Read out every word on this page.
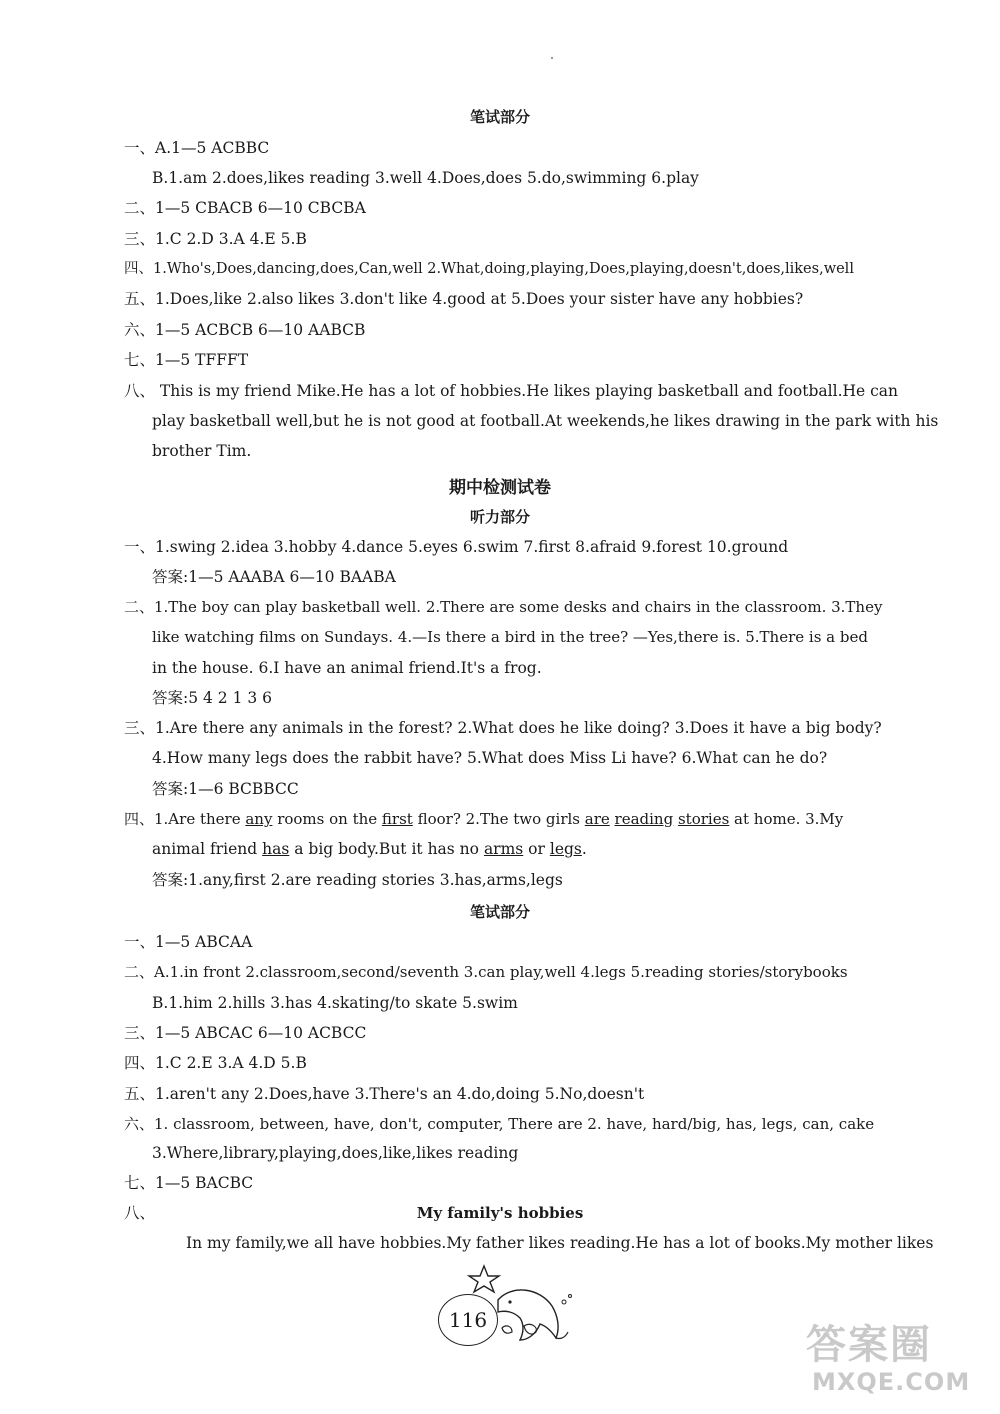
笔试部分
一、A.1—5 ACBBC
B.1.am 2.does,likes reading 3.well 4.Does,does 5.do,swimming 6.play
二、1—5 CBACB 6—10 CBCBA
三、1.C 2.D 3.A 4.E 5.B
四、1.Who's,Does,dancing,does,Can,well 2.What,doing,playing,Does,playing,doesn't,does,likes,well
五、1.Does,like 2.also likes 3.don't like 4.good at 5.Does your sister have any hobbies?
六、1—5 ACBCB 6—10 AABCB
七、1—5 TFFFT
八、 This is my friend Mike.He has a lot of hobbies.He likes playing basketball and football.He can
play basketball well,but he is not good at football.At weekends,he likes drawing in the park with his
brother Tim.
期中检测试卷
听力部分
一、1.swing 2.idea 3.hobby 4.dance 5.eyes 6.swim 7.first 8.afraid 9.forest 10.ground
答案:1—5 AAABA 6—10 BAABA
二、1.The boy can play basketball well. 2.There are some desks and chairs in the classroom. 3.They
like watching films on Sundays. 4.—Is there a bird in the tree? —Yes,there is. 5.There is a bed
in the house. 6.I have an animal friend.It's a frog.
答案:5 4 2 1 3 6
三、1.Are there any animals in the forest? 2.What does he like doing? 3.Does it have a big body?
4.How many legs does the rabbit have? 5.What does Miss Li have? 6.What can he do?
答案:1—6 BCBBCC
四、1.Are there any rooms on the first floor? 2.The two girls are reading stories at home. 3.My
animal friend has a big body.But it has no arms or legs.
答案:1.any,first 2.are reading stories 3.has,arms,legs
笔试部分
一、1—5 ABCAA
二、A.1.in front 2.classroom,second/seventh 3.can play,well 4.legs 5.reading stories/storybooks
B.1.him 2.hills 3.has 4.skating/to skate 5.swim
三、1—5 ABCAC 6—10 ACBCC
四、1.C 2.E 3.A 4.D 5.B
五、1.aren't any 2.Does,have 3.There's an 4.do,doing 5.No,doesn't
六、1. classroom, between, have, don't, computer, There are 2. have, hard/big, has, legs, can, cake
3.Where,library,playing,does,like,likes reading
七、1—5 BACBC
八、	My family's hobbies
In my family,we all have hobbies.My father likes reading.He has a lot of books.My mother likes
116
答案圈
MXQE.COM
